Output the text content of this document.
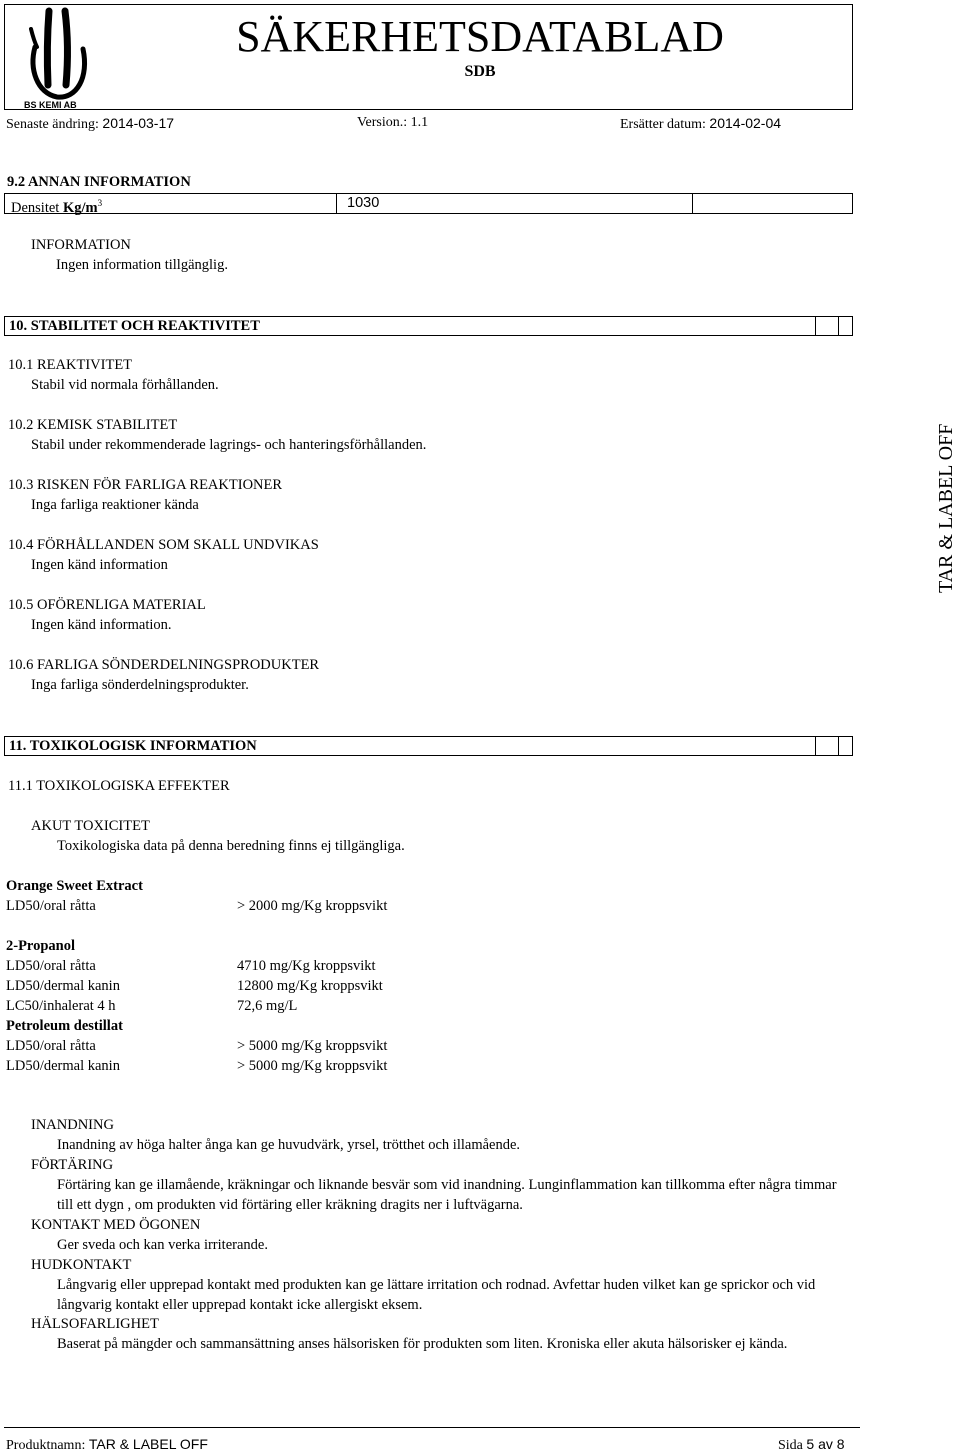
BS KEMI AB
SÄKERHETSDATABLAD
SDB
Senaste ändring: 2014-03-17	Version.: 1.1	Ersätter datum: 2014-02-04
9.2 ANNAN INFORMATION
Densitet $Kg/m^3$	1030
INFORMATION
Ingen information tillgänglig.
10. STABILITET OCH REAKTIVITET
10.1 REAKTIVITET
Stabil vid normala förhållanden.
10.2 KEMISK STABILITET
Stabil under rekommenderade lagrings- och hanteringsförhållanden.
10.3 RISKEN FÖR FARLIGA REAKTIONER
Inga farliga reaktioner kända
10.4 FÖRHÅLLANDEN SOM SKALL UNDVIKAS
Ingen känd information
10.5 OFÖRENLIGA MATERIAL
Ingen känd information.
10.6 FARLIGA SÖNDERDELNINGSPRODUKTER
Inga farliga sönderdelningsprodukter.
TAR & LABEL OFF
11. TOXIKOLOGISK INFORMATION
11.1 TOXIKOLOGISKA EFFEKTER
AKUT TOXICITET
Toxikologiska data på denna beredning finns ej tillgängliga.
Orange Sweet Extract
LD50/oral råtta	> 2000 mg/Kg kroppsvikt
2-Propanol
LD50/oral råtta	4710 mg/Kg kroppsvikt
LD50/dermal kanin	12800 mg/Kg kroppsvikt
LC50/inhalerat 4 h	72,6 mg/L
Petroleum destillat
LD50/oral råtta	> 5000 mg/Kg kroppsvikt
LD50/dermal kanin	> 5000 mg/Kg kroppsvikt
INANDNING
Inandning av höga halter ånga kan ge huvudvärk, yrsel, trötthet och illamående.
FÖRTÄRING
Förtäring kan ge illamående, kräkningar och liknande besvär som vid inandning. Lunginflammation kan tillkomma efter några timmar till ett dygn , om produkten vid förtäring eller kräkning dragits ner i luftvägarna.
KONTAKT MED ÖGONEN
Ger sveda och kan verka irriterande.
HUDKONTAKT
Långvarig eller upprepad kontakt med produkten kan ge lättare irritation och rodnad. Avfettar huden vilket kan ge sprickor och vid långvarig kontakt eller upprepad kontakt icke allergiskt eksem.
HÄLSOFARLIGHET
Baserat på mängder och sammansättning anses hälsorisken för produkten som liten. Kroniska eller akuta hälsorisker ej kända.
Produktnamn: TAR & LABEL OFF	Sida 5 av 8
